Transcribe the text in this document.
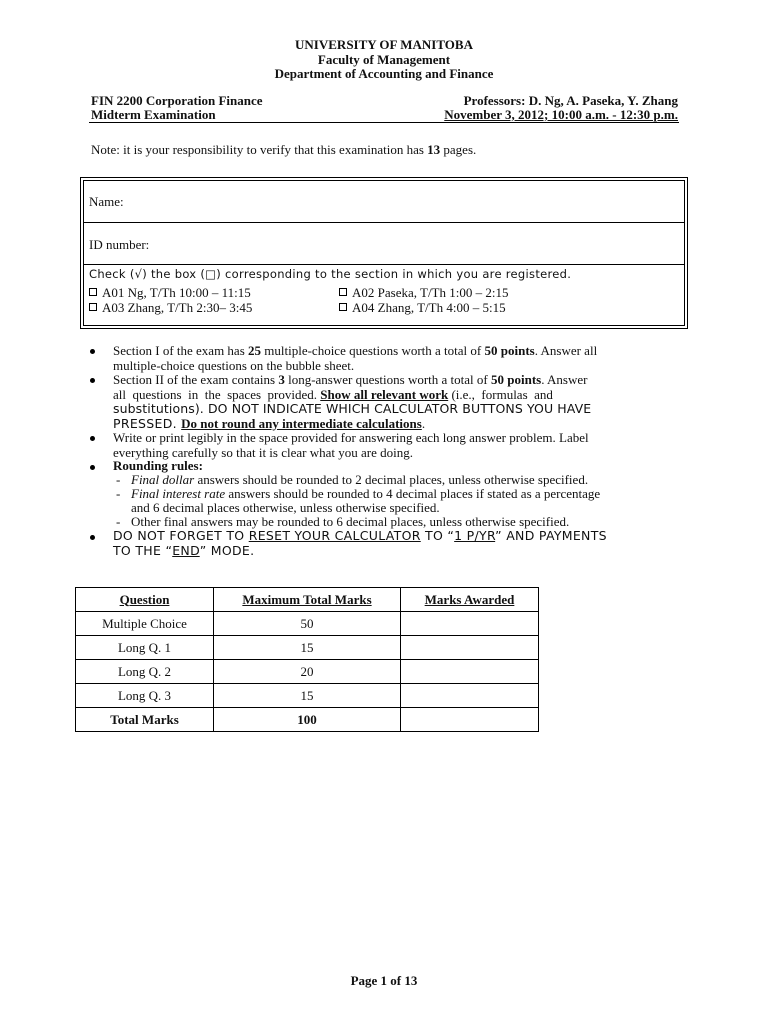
UNIVERSITY OF MANITOBA
Faculty of Management
Department of Accounting and Finance
FIN 2200 Corporation Finance
Midterm Examination
Professors: D. Ng, A. Paseka, Y. Zhang
November 3, 2012; 10:00 a.m. - 12:30 p.m.
Note: it is your responsibility to verify that this examination has 13 pages.
Name:
ID number:
Check (√) the box (□) corresponding to the section in which you are registered.
A01 Ng, T/Th 10:00 – 11:15	A02 Paseka, T/Th 1:00 – 2:15
A03 Zhang, T/Th 2:30– 3:45	A04 Zhang, T/Th 4:00 – 5:15
Section I of the exam has 25 multiple-choice questions worth a total of 50 points. Answer all
multiple-choice questions on the bubble sheet.
Section II of the exam contains 3 long-answer questions worth a total of 50 points. Answer
all  questions  in  the  spaces  provided. Show all relevant work (i.e.,  formulas  and
substitutions). DO NOT INDICATE WHICH CALCULATOR BUTTONS YOU HAVE
PRESSED. Do not round any intermediate calculations.
Write or print legibly in the space provided for answering each long answer problem. Label
everything carefully so that it is clear what you are doing.
Rounding rules:
- Final dollar answers should be rounded to 2 decimal places, unless otherwise specified.
- Final interest rate answers should be rounded to 4 decimal places if stated as a percentage
and 6 decimal places otherwise, unless otherwise specified.
- Other final answers may be rounded to 6 decimal places, unless otherwise specified.
DO NOT FORGET TO RESET YOUR CALCULATOR TO “1 P/YR” AND PAYMENTS
TO THE “END” MODE.
Question	Maximum Total Marks	Marks Awarded
Multiple Choice	50	
Long Q. 1	15	
Long Q. 2	20	
Long Q. 3	15	
Total Marks	100	
Page 1 of 13
